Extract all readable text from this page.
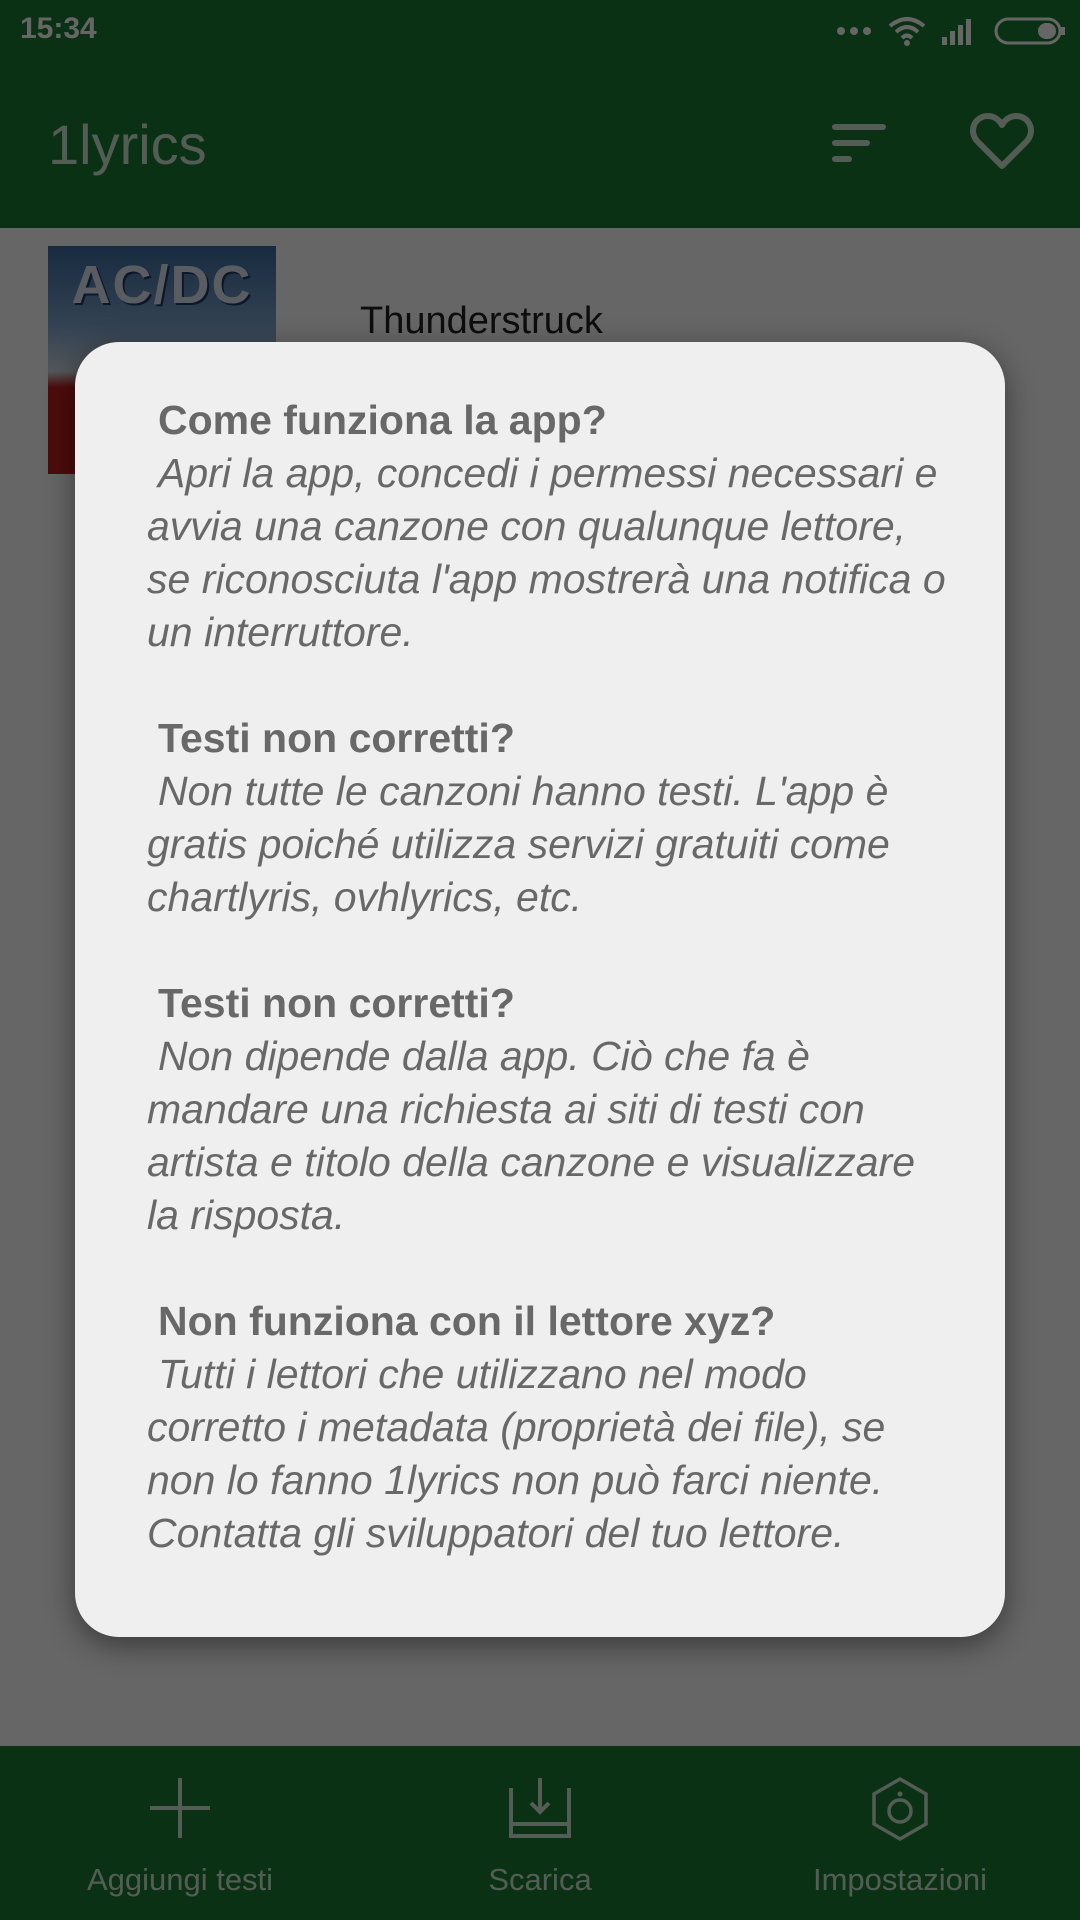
Come funziona la app?
Apri la app, concedi i permessi necessari e avvia una canzone con qualunque lettore, se riconosciuta l'app mostrerà una notifica o un interruttore.
Testi non corretti?
Non tutte le canzoni hanno testi. L'app è gratis poiché utilizza servizi gratuiti come chartlyris, ovhlyrics, etc.
Testi non corretti?
Non dipende dalla app. Ciò che fa è mandare una richiesta ai siti di testi con artista e titolo della canzone e visualizzare la risposta.
Non funziona con il lettore xyz?
Tutti i lettori che utilizzano nel modo corretto i metadata (proprietà dei file), se non lo fanno 1lyrics non può farci niente. Contatta gli sviluppatori del tuo lettore.
